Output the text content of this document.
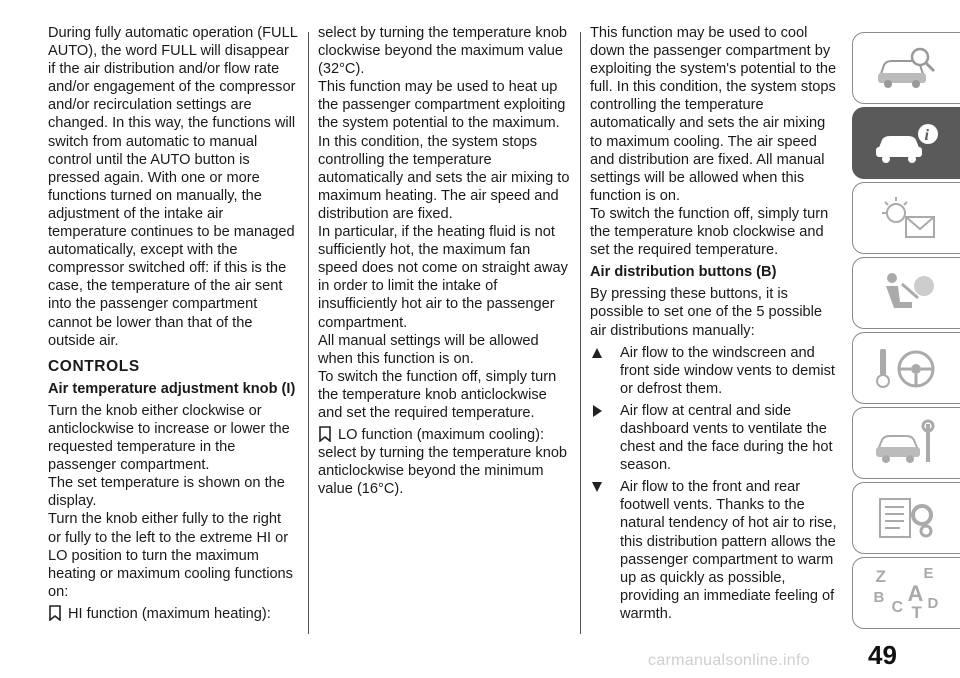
During fully automatic operation (FULL AUTO), the word FULL will disappear if the air distribution and/or flow rate and/or engagement of the compressor and/or recirculation settings are changed. In this way, the functions will switch from automatic to manual control until the AUTO button is pressed again. With one or more functions turned on manually, the adjustment of the intake air temperature continues to be managed automatically, except with the compressor switched off: if this is the case, the temperature of the air sent into the passenger compartment cannot be lower than that of the outside air.

CONTROLS

Air temperature adjustment knob (I)

Turn the knob either clockwise or anticlockwise to increase or lower the requested temperature in the passenger compartment.

The set temperature is shown on the display.

Turn the knob either fully to the right or fully to the left to the extreme HI or LO position to turn the maximum heating or maximum cooling functions on:

HI function (maximum heating):

select by turning the temperature knob clockwise beyond the maximum value (32°C).

This function may be used to heat up the passenger compartment exploiting the system potential to the maximum.

In this condition, the system stops controlling the temperature automatically and sets the air mixing to maximum heating. The air speed and distribution are fixed.

In particular, if the heating fluid is not sufficiently hot, the maximum fan speed does not come on straight away in order to limit the intake of insufficiently hot air to the passenger compartment.

All manual settings will be allowed when this function is on.

To switch the function off, simply turn the temperature knob anticlockwise and set the required temperature.

LO function (maximum cooling):

select by turning the temperature knob anticlockwise beyond the minimum value (16°C).

This function may be used to cool down the passenger compartment by exploiting the system's potential to the full. In this condition, the system stops controlling the temperature automatically and sets the air mixing to maximum cooling. The air speed and distribution are fixed. All manual settings will be allowed when this function is on.

To switch the function off, simply turn the temperature knob clockwise and set the required temperature.

Air distribution buttons (B)

By pressing these buttons, it is possible to set one of the 5 possible air distributions manually:

Air flow to the windscreen and front side window vents to demist or defrost them.
Air flow at central and side dashboard vents to ventilate the chest and the face during the hot season.
Air flow to the front and rear footwell vents. Thanks to the natural tendency of hot air to rise, this distribution pattern allows the passenger compartment to warm up as quickly as possible, providing an immediate feeling of warmth.
i
Z	E
B A
C D
T
49
carmanualsonline.info
